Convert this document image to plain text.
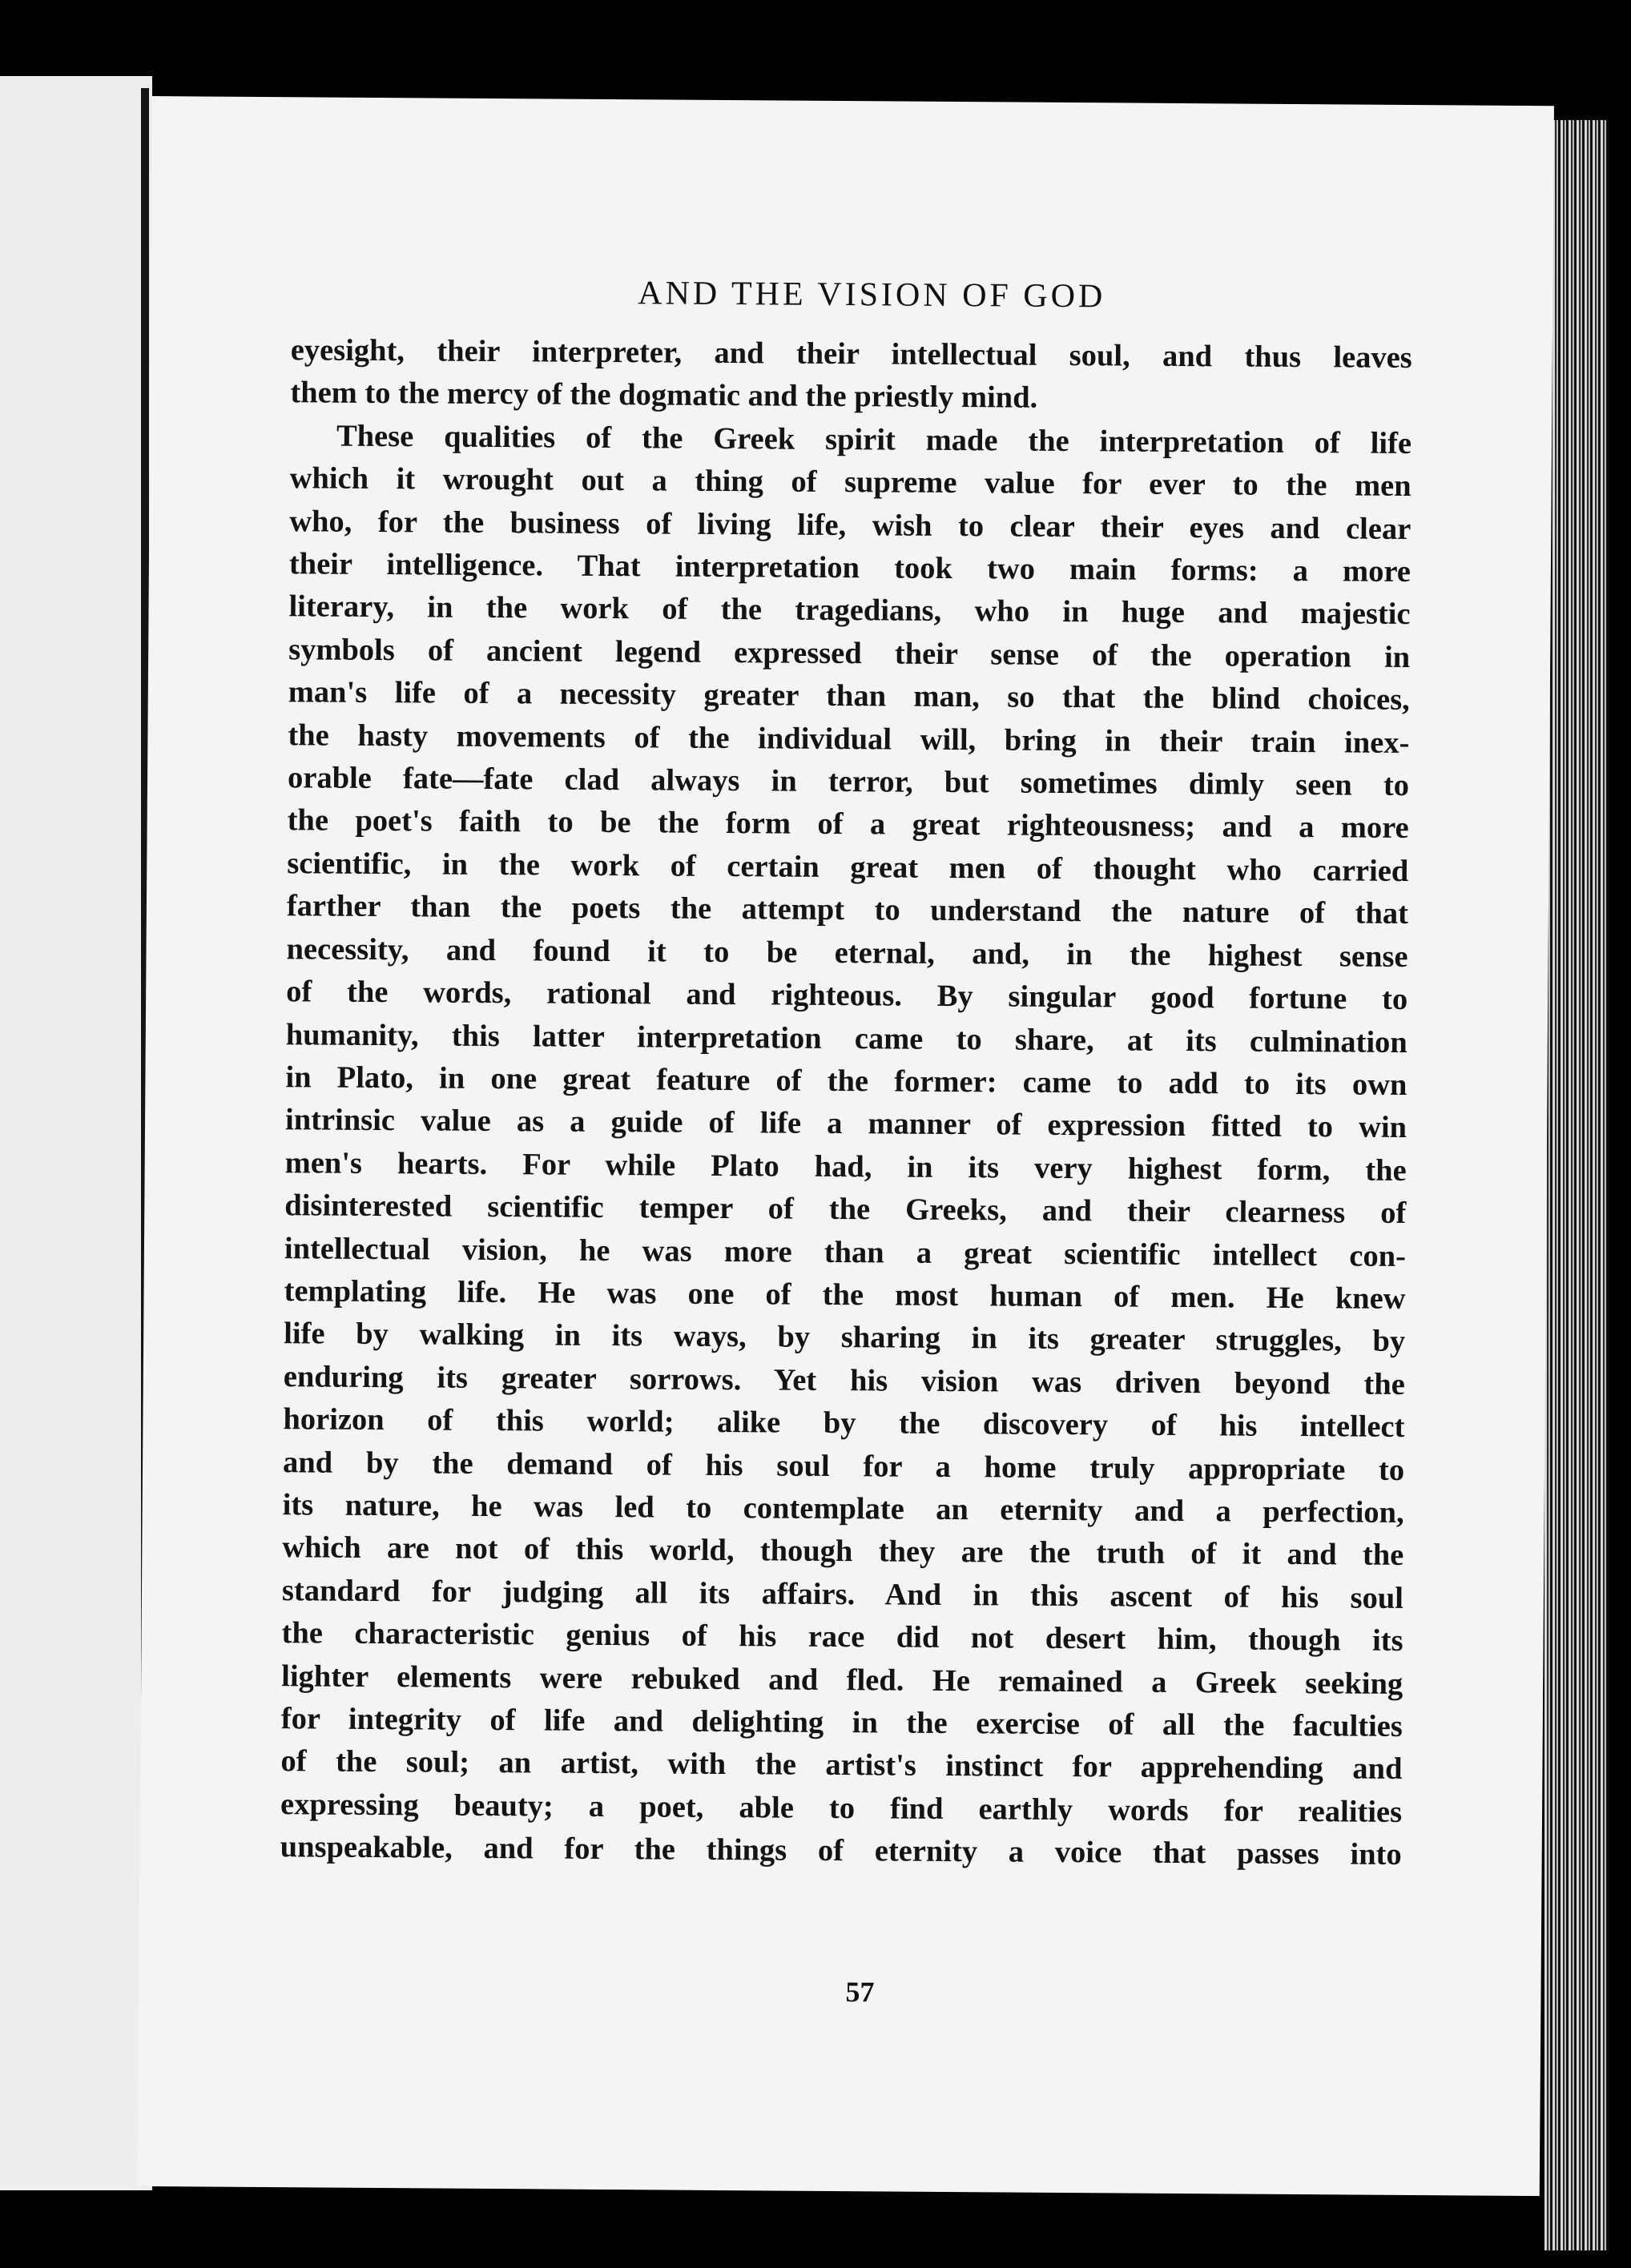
AND THE VISION OF GOD
eyesight, their interpreter, and their intellectual soul, and thus leaves
them to the mercy of the dogmatic and the priestly mind.
These qualities of the Greek spirit made the interpretation of life
which it wrought out a thing of supreme value for ever to the men
who, for the business of living life, wish to clear their eyes and clear
their intelligence. That interpretation took two main forms: a more
literary, in the work of the tragedians, who in huge and majestic
symbols of ancient legend expressed their sense of the operation in
man's life of a necessity greater than man, so that the blind choices,
the hasty movements of the individual will, bring in their train inex-
orable fate—fate clad always in terror, but sometimes dimly seen to
the poet's faith to be the form of a great righteousness; and a more
scientific, in the work of certain great men of thought who carried
farther than the poets the attempt to understand the nature of that
necessity, and found it to be eternal, and, in the highest sense
of the words, rational and righteous. By singular good fortune to
humanity, this latter interpretation came to share, at its culmination
in Plato, in one great feature of the former: came to add to its own
intrinsic value as a guide of life a manner of expression fitted to win
men's hearts. For while Plato had, in its very highest form, the
disinterested scientific temper of the Greeks, and their clearness of
intellectual vision, he was more than a great scientific intellect con-
templating life. He was one of the most human of men. He knew
life by walking in its ways, by sharing in its greater struggles, by
enduring its greater sorrows. Yet his vision was driven beyond the
horizon of this world; alike by the discovery of his intellect
and by the demand of his soul for a home truly appropriate to
its nature, he was led to contemplate an eternity and a perfection,
which are not of this world, though they are the truth of it and the
standard for judging all its affairs. And in this ascent of his soul
the characteristic genius of his race did not desert him, though its
lighter elements were rebuked and fled. He remained a Greek seeking
for integrity of life and delighting in the exercise of all the faculties
of the soul; an artist, with the artist's instinct for apprehending and
expressing beauty; a poet, able to find earthly words for realities
unspeakable, and for the things of eternity a voice that passes into
57
